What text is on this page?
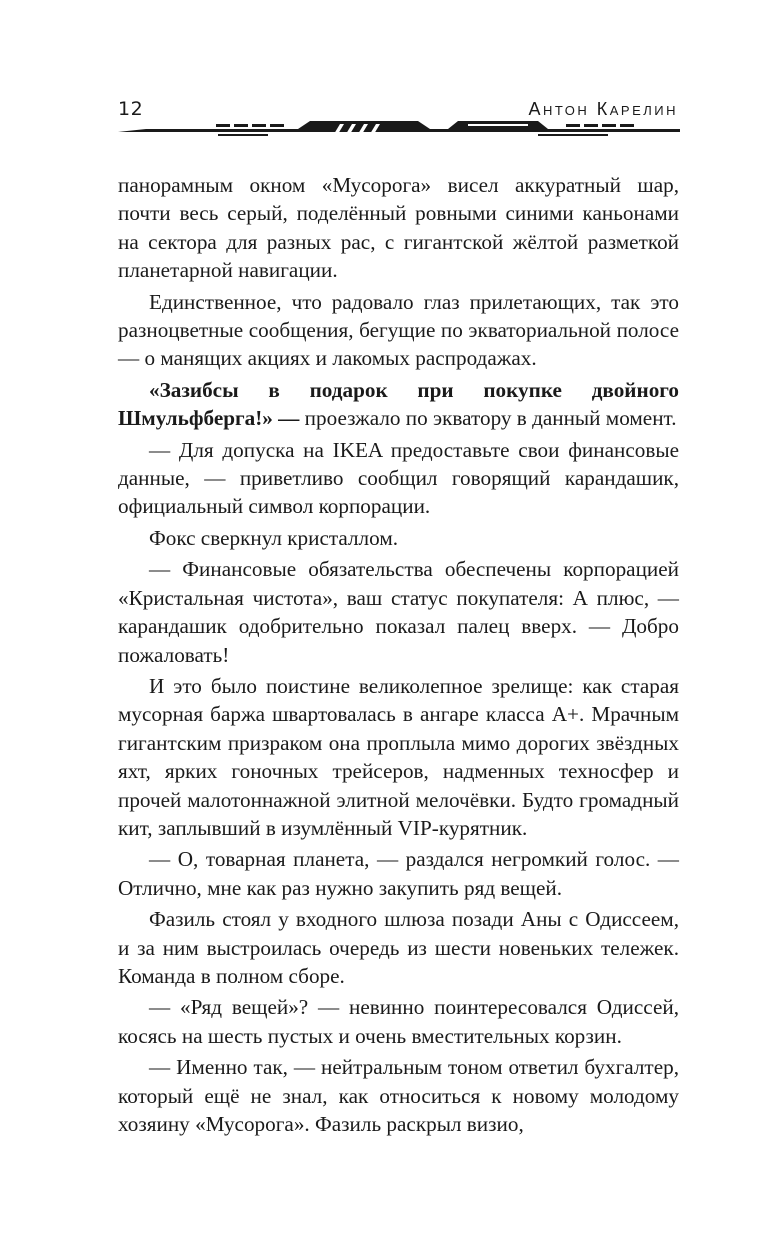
12	Антон Карелин

панорамным окном «Мусорога» висел аккуратный шар, почти весь серый, поделённый ровными синими каньонами на сектора для разных рас, с гигантской жёлтой разметкой планетарной навигации.

Единственное, что радовало глаз прилетающих, так это разноцветные сообщения, бегущие по экваториальной полосе — о манящих акциях и лакомых распродажах.

«Зазибсы в подарок при покупке двойного Шмульфберга!» — проезжало по экватору в данный момент.

— Для допуска на IKEA предоставьте свои финансовые данные, — приветливо сообщил говорящий карандашик, официальный символ корпорации.

Фокс сверкнул кристаллом.

— Финансовые обязательства обеспечены корпорацией «Кристальная чистота», ваш статус покупателя: А плюс, — карандашик одобрительно показал палец вверх. — Добро пожаловать!

И это было поистине великолепное зрелище: как старая мусорная баржа швартовалась в ангаре класса А+. Мрачным гигантским призраком она проплыла мимо дорогих звёздных яхт, ярких гоночных трейсеров, надменных техносфер и прочей малотоннажной элитной мелочёвки. Будто громадный кит, заплывший в изумлённый VIP-курятник.

— О, товарная планета, — раздался негромкий голос. — Отлично, мне как раз нужно закупить ряд вещей.

Фазиль стоял у входного шлюза позади Аны с Одиссеем, и за ним выстроилась очередь из шести новеньких тележек. Команда в полном сборе.

— «Ряд вещей»? — невинно поинтересовался Одиссей, косясь на шесть пустых и очень вместительных корзин.

— Именно так, — нейтральным тоном ответил бухгалтер, который ещё не знал, как относиться к новому молодому хозяину «Мусорога». Фазиль раскрыл визио,
